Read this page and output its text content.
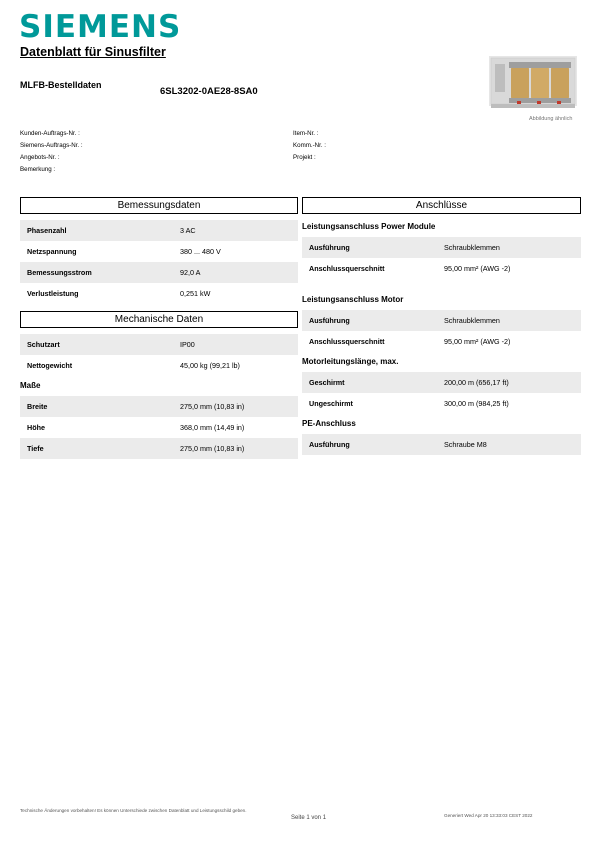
SIEMENS
Datenblatt für Sinusfilter
MLFB-Bestelldaten
6SL3202-0AE28-8SA0
Abbildung ähnlich
Kunden-Auftrags-Nr. :
Siemens-Auftrags-Nr. :
Angebots-Nr. :
Bemerkung :
Item-Nr. :
Komm.-Nr. :
Projekt :
Bemessungsdaten
Phasenzahl	3 AC
Netzspannung	380 ... 480 V
Bemessungsstrom	92,0 A
Verlustleistung	0,251 kW
Mechanische Daten
Schutzart	IP00
Nettogewicht	45,00 kg (99,21 lb)
Maße
Breite	275,0 mm (10,83 in)
Höhe	368,0 mm (14,49 in)
Tiefe	275,0 mm (10,83 in)
Anschlüsse
Leistungsanschluss Power Module
Ausführung	Schraubklemmen
Anschlussquerschnitt	95,00 mm² (AWG -2)
Leistungsanschluss Motor
Ausführung	Schraubklemmen
Anschlussquerschnitt	95,00 mm² (AWG -2)
Motorleitungslänge, max.
Geschirmt	200,00 m (656,17 ft)
Ungeschirmt	300,00 m (984,25 ft)
PE-Anschluss
Ausführung	Schraube M8
Technische Änderungen vorbehalten! Es können Unterschiede zwischen Datenblatt und Leistungsschild geben.
Seite 1 von 1	Generiert Wed Apr 20 13:33:03 CEST 2022
